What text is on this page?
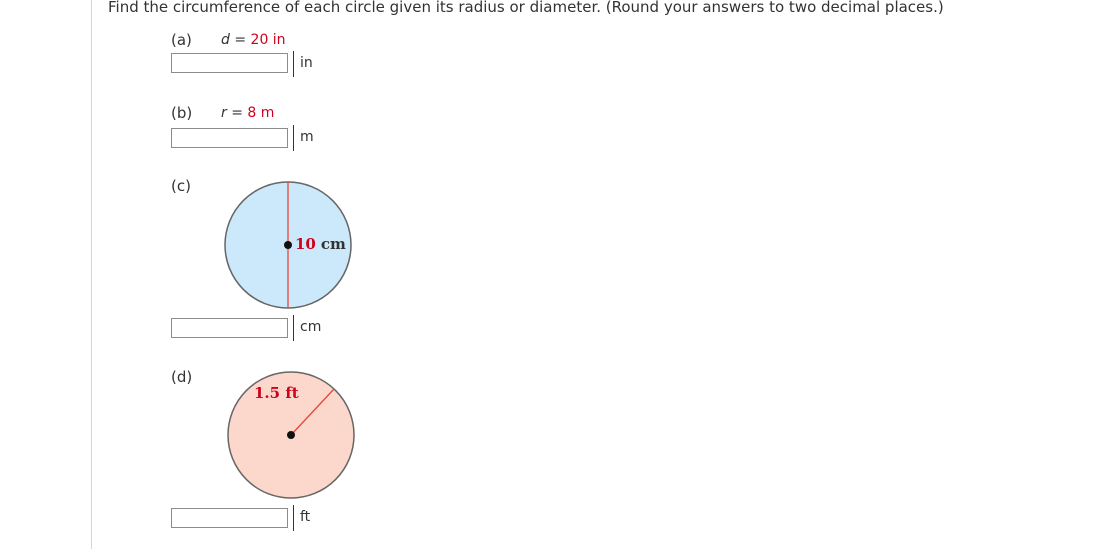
Find the circumference of each circle given its radius or diameter. (Round your answers to two decimal places.)
(a) d = 20 in
in
(b) r = 8 m
m
(c)
10 cm
cm
(d)
1.5 ft
ft
